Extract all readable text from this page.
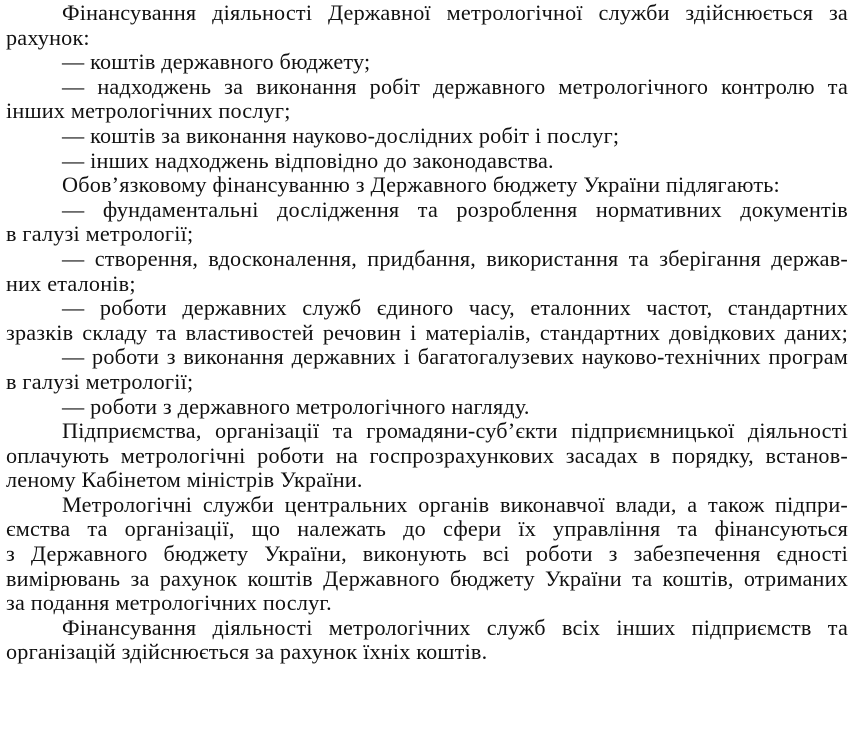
Фінансування діяльності Державної метрологічної служби здійснюється за
рахунок:
— коштів державного бюджету;
— надходжень за виконання робіт державного метрологічного контролю та
інших метрологічних послуг;
— коштів за виконання науково-дослідних робіт і послуг;
— інших надходжень відповідно до законодавства.
Обов’язковому фінансуванню з Державного бюджету України підлягають:
— фундаментальні дослідження та розроблення нормативних документів
в галузі метрології;
— створення, вдосконалення, придбання, використання та зберігання держав-
них еталонів;
— роботи державних служб єдиного часу, еталонних частот, стандартних
зразків складу та властивостей речовин і матеріалів, стандартних довідкових даних;
— роботи з виконання державних і багатогалузевих науково-технічних програм
в галузі метрології;
— роботи з державного метрологічного нагляду.
Підприємства, організації та громадяни-суб’єкти підприємницької діяльності
оплачують метрологічні роботи на госпрозрахункових засадах в порядку, встанов-
леному Кабінетом міністрів України.
Метрологічні служби центральних органів виконавчої влади, а також підпри-
ємства та організації, що належать до сфери їх управління та фінансуються
з Державного бюджету України, виконують всі роботи з забезпечення єдності
вимірювань за рахунок коштів Державного бюджету України та коштів, отриманих
за подання метрологічних послуг.
Фінансування діяльності метрологічних служб всіх інших підприємств та
організацій здійснюється за рахунок їхніх коштів.
